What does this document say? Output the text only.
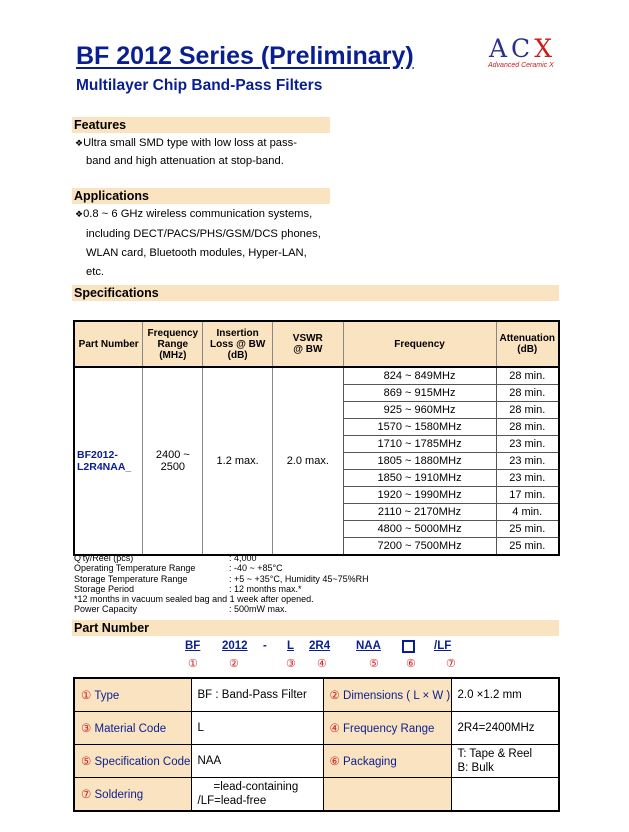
BF 2012 Series (Preliminary)
Multilayer Chip Band-Pass Filters
ACX
Advanced Ceramic X
Features
❖Ultra small SMD type with low loss at pass-
band and high attenuation at stop-band.
Applications
❖0.8 ~ 6 GHz wireless communication systems,
including DECT/PACS/PHS/GSM/DCS phones,
WLAN card, Bluetooth modules, Hyper-LAN,
etc.
Specifications
Part Number	Frequency
Range
(MHz)	Insertion
Loss @ BW
(dB)	VSWR
@ BW	Frequency	Attenuation
(dB)
BF2012-
L2R4NAA_	2400 ~
2500	1.2 max.	2.0 max.	824 ~ 849MHz	28 min.
				869 ~ 915MHz	28 min.
				925 ~ 960MHz	28 min.
				1570 ~ 1580MHz	28 min.
				1710 ~ 1785MHz	23 min.
				1805 ~ 1880MHz	23 min.
				1850 ~ 1910MHz	23 min.
				1920 ~ 1990MHz	17 min.
				2110 ~ 2170MHz	4 min.
				4800 ~ 5000MHz	25 min.
				7200 ~ 7500MHz	25 min.
Q'ty/Reel (pcs)	: 4,000
Operating Temperature Range	: -40 ~ +85°C
Storage Temperature Range	: +5 ~ +35°C, Humidity 45~75%RH
Storage Period	: 12 months max.*
*12 months in vacuum sealed bag and 1 week after opened.
Power Capacity	: 500mW max.
Part Number
BF 2012 - L 2R4 NAA	/LF
①	②	③ ④	⑤ ⑥	⑦
① Type	BF : Band-Pass Filter	② Dimensions ( L × W )	2.0 ×1.2 mm
③ Material Code	L	④ Frequency Range	2R4=2400MHz
⑤ Specification Code	NAA	⑥ Packaging	T: Tape & Reel
B: Bulk
⑦ Soldering	=lead-containing
/LF=lead-free		
